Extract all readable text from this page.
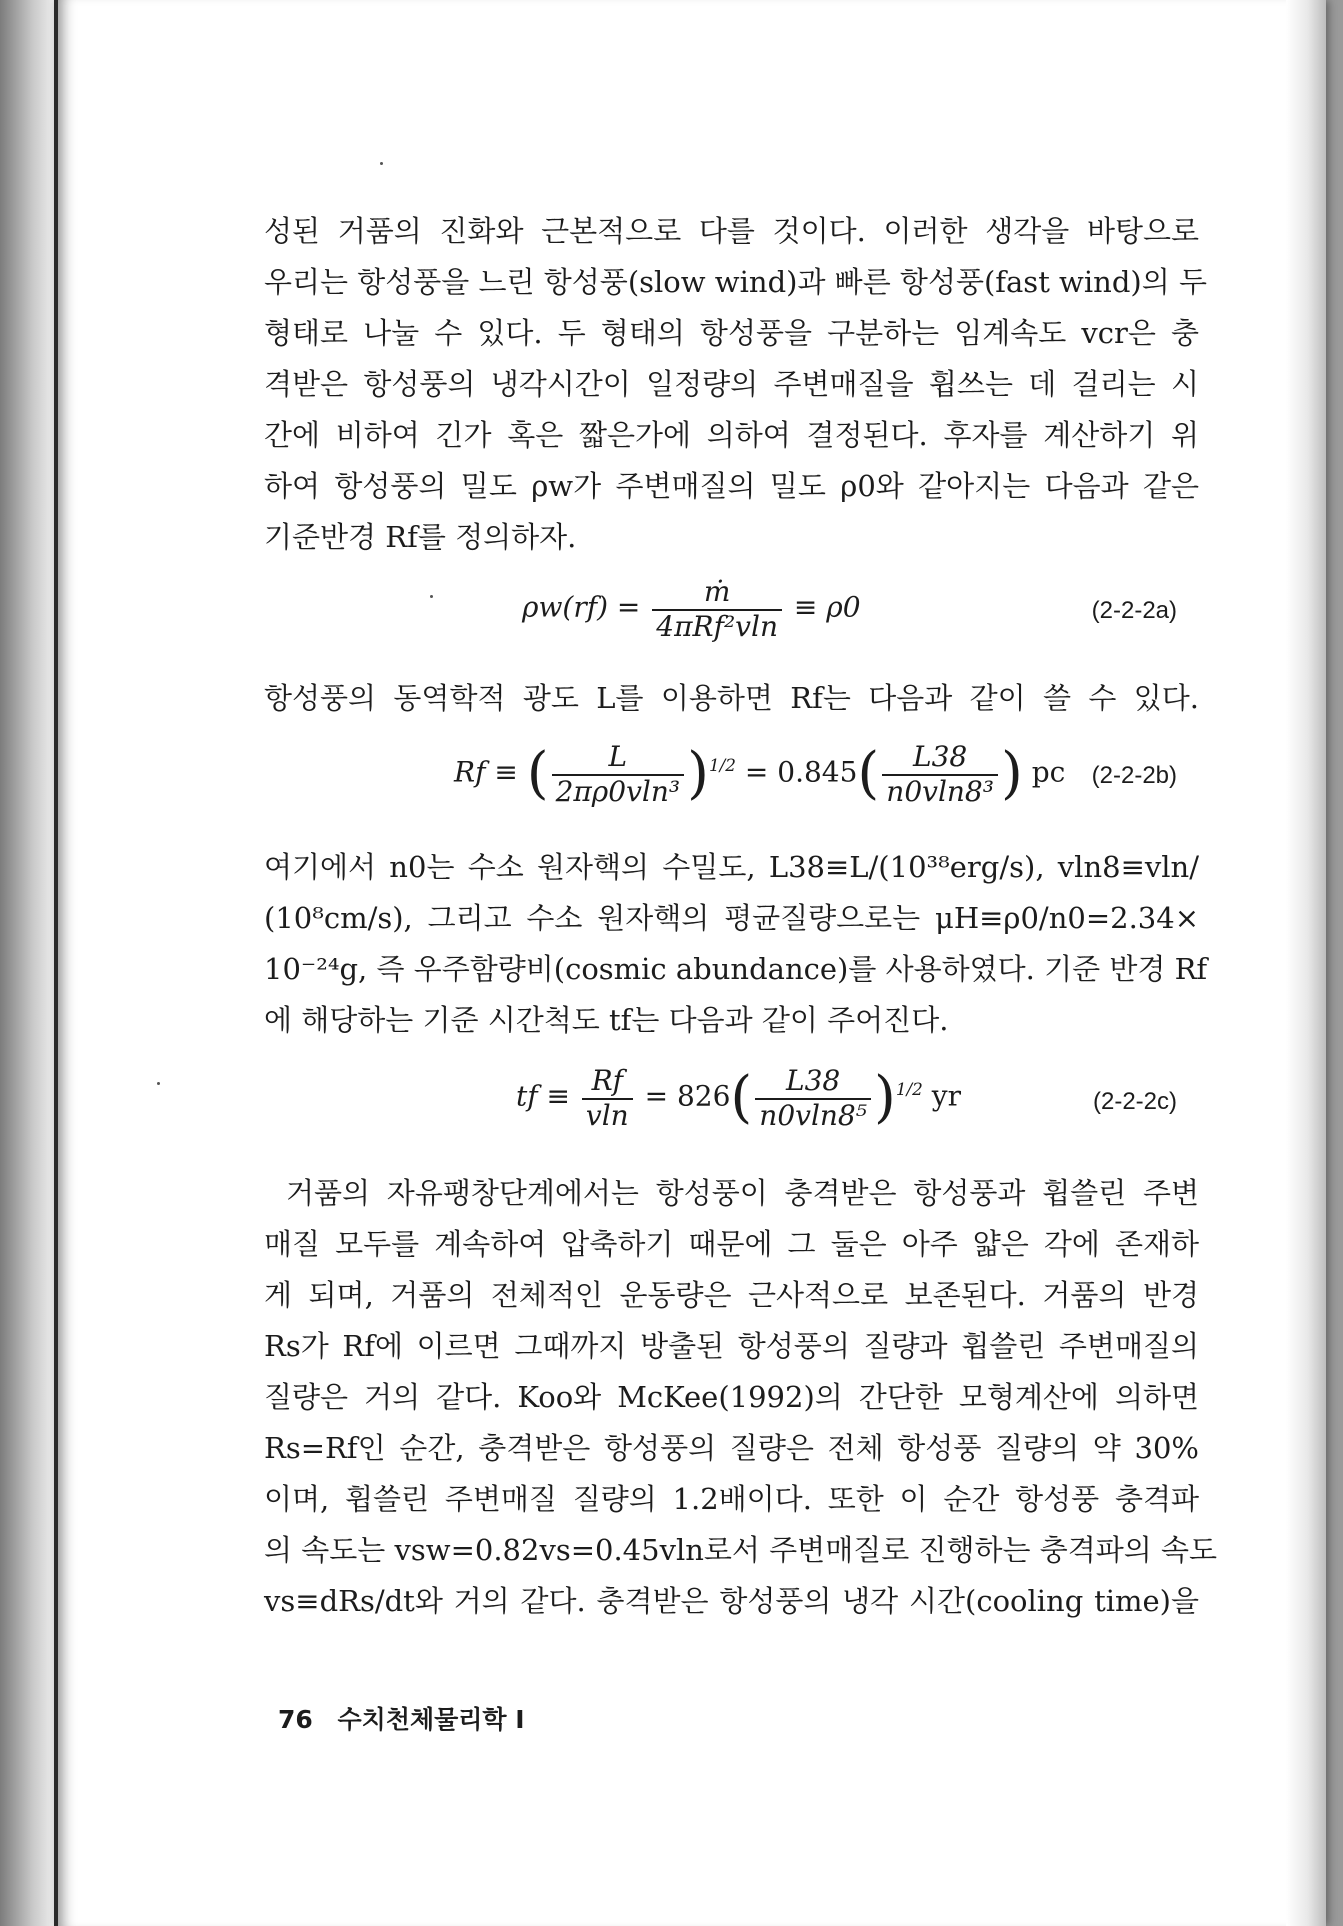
성된 거품의 진화와 근본적으로 다를 것이다. 이러한 생각을 바탕으로
우리는 항성풍을 느린 항성풍(slow wind)과 빠른 항성풍(fast wind)의 두
형태로 나눌 수 있다. 두 형태의 항성풍을 구분하는 임계속도 vcr은 충
격받은 항성풍의 냉각시간이 일정량의 주변매질을 휩쓰는 데 걸리는 시
간에 비하여 긴가 혹은 짧은가에 의하여 결정된다. 후자를 계산하기 위
하여 항성풍의 밀도 ρw가 주변매질의 밀도 ρ0와 같아지는 다음과 같은
기준반경 Rf를 정의하자.

$\rho w(rf) = \frac{\text{ṁ}}{\text{4πRf²vln}} \equiv \rho 0$	(2-2-2a)

항성풍의 동역학적 광도 L를 이용하면 Rf는 다음과 같이 쓸 수 있다.

Rf ≡ ( $\frac{L}{\text{2πρ0vln³}} )^{1/2} = 0.845( \frac{L38}{\text{n0vln8³}}$ ) pc (2-2-2b)

여기에서 n0는 수소 원자핵의 수밀도, L38≡L/(10³⁸erg/s), vln8≡vln/
(10⁸cm/s), 그리고 수소 원자핵의 평균질량으로는 μH≡ρ0/n0=2.34×
10⁻²⁴g, 즉 우주함량비(cosmic abundance)를 사용하였다. 기준 반경 Rf
에 해당하는 기준 시간척도 tf는 다음과 같이 주어진다.

tf ≡ $\frac{Rf}{vln} = 826( \frac{L38}{\text{n0vln8⁵}} )^{1/2}$ yr	(2-2-2c)

거품의 자유팽창단계에서는 항성풍이 충격받은 항성풍과 휩쓸린 주변

매질 모두를 계속하여 압축하기 때문에 그 둘은 아주 얇은 각에 존재하
게 되며, 거품의 전체적인 운동량은 근사적으로 보존된다. 거품의 반경
Rs가 Rf에 이르면 그때까지 방출된 항성풍의 질량과 휩쓸린 주변매질의
질량은 거의 같다. Koo와 McKee(1992)의 간단한 모형계산에 의하면
Rs=Rf인 순간, 충격받은 항성풍의 질량은 전체 항성풍 질량의 약 30%
이며, 휩쓸린 주변매질 질량의 1.2배이다. 또한 이 순간 항성풍 충격파
의 속도는 vsw=0.82vs=0.45vln로서 주변매질로 진행하는 충격파의 속도
vs≡dRs/dt와 거의 같다. 충격받은 항성풍의 냉각 시간(cooling time)을

76 수치천체물리학 Ⅰ
